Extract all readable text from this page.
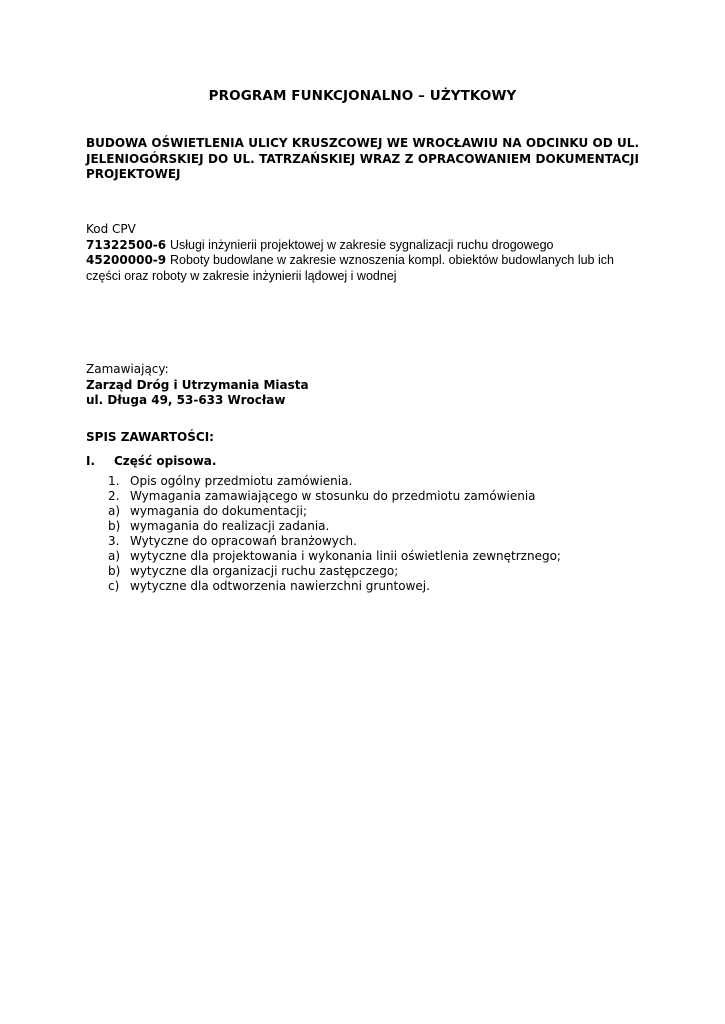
PROGRAM FUNKCJONALNO – UŻYTKOWY
BUDOWA OŚWIETLENIA ULICY KRUSZCOWEJ WE WROCŁAWIU NA ODCINKU OD UL. JELENIOGÓRSKIEJ DO UL. TATRZAŃSKIEJ WRAZ Z OPRACOWANIEM DOKUMENTACJI PROJEKTOWEJ
Kod CPV
71322500-6 Usługi inżynierii projektowej w zakresie sygnalizacji ruchu drogowego
45200000-9 Roboty budowlane w zakresie wznoszenia kompl. obiektów budowlanych lub ich części oraz roboty w zakresie inżynierii lądowej i wodnej
Zamawiający:
Zarząd Dróg i Utrzymania Miasta
ul. Długa 49, 53-633 Wrocław
SPIS ZAWARTOŚCI:
I. Część opisowa.
1. Opis ogólny przedmiotu zamówienia.
2. Wymagania zamawiającego w stosunku do przedmiotu zamówienia
a) wymagania do dokumentacji;
b) wymagania do realizacji zadania.
3. Wytyczne do opracowań branżowych.
a) wytyczne dla projektowania i wykonania linii oświetlenia zewnętrznego;
b) wytyczne dla organizacji ruchu zastępczego;
c) wytyczne dla odtworzenia nawierzchni gruntowej.
